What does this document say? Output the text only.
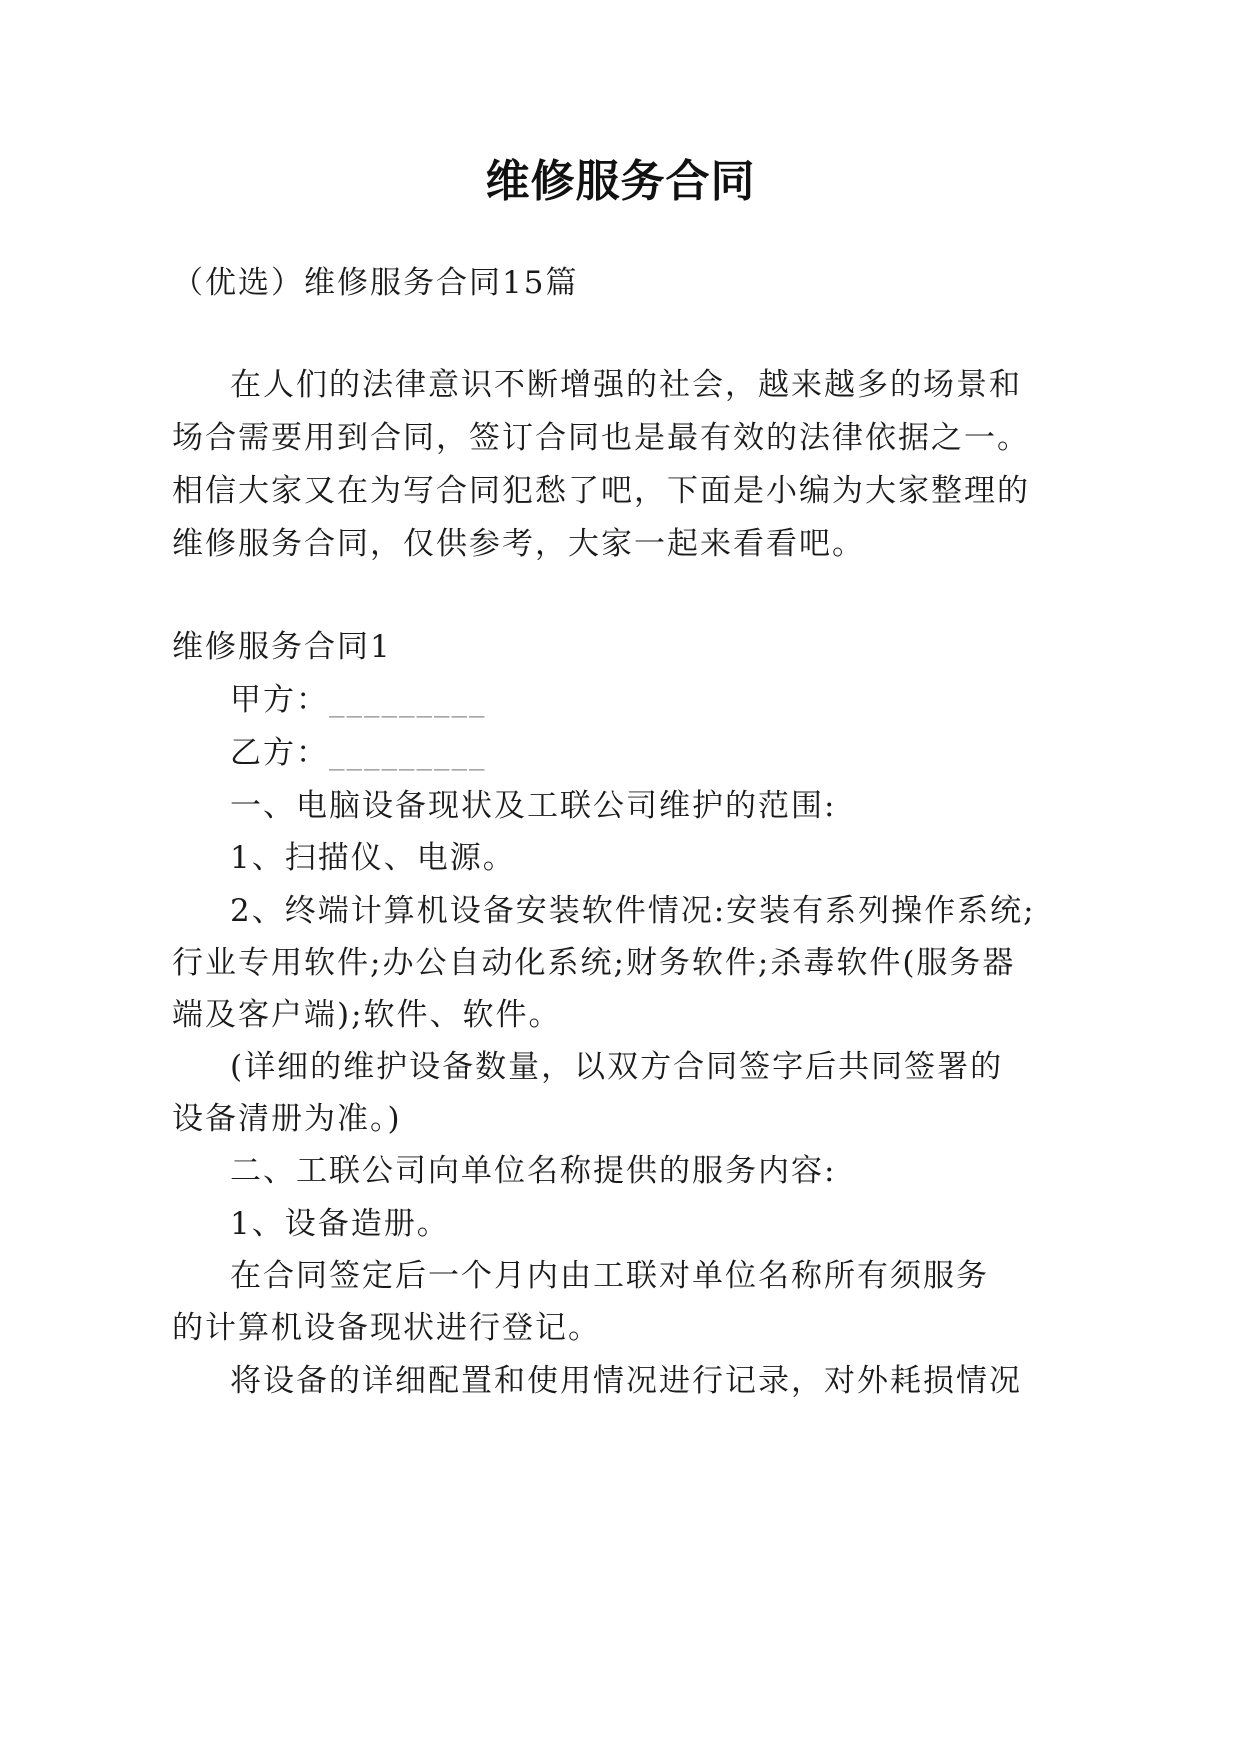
维修服务合同
（优选）维修服务合同15篇
在人们的法律意识不断增强的社会，越来越多的场景和
场合需要用到合同，签订合同也是最有效的法律依据之一。
相信大家又在为写合同犯愁了吧，下面是小编为大家整理的
维修服务合同，仅供参考，大家一起来看看吧。
维修服务合同1
甲方：_________
乙方：_________
一、电脑设备现状及工联公司维护的范围:
1、扫描仪、电源。
2、终端计算机设备安装软件情况:安装有系列操作系统;
行业专用软件;办公自动化系统;财务软件;杀毒软件(服务器
端及客户端);软件、软件。
(详细的维护设备数量，以双方合同签字后共同签署的
设备清册为准。)
二、工联公司向单位名称提供的服务内容:
1、设备造册。
在合同签定后一个月内由工联对单位名称所有须服务
的计算机设备现状进行登记。
将设备的详细配置和使用情况进行记录，对外耗损情况
